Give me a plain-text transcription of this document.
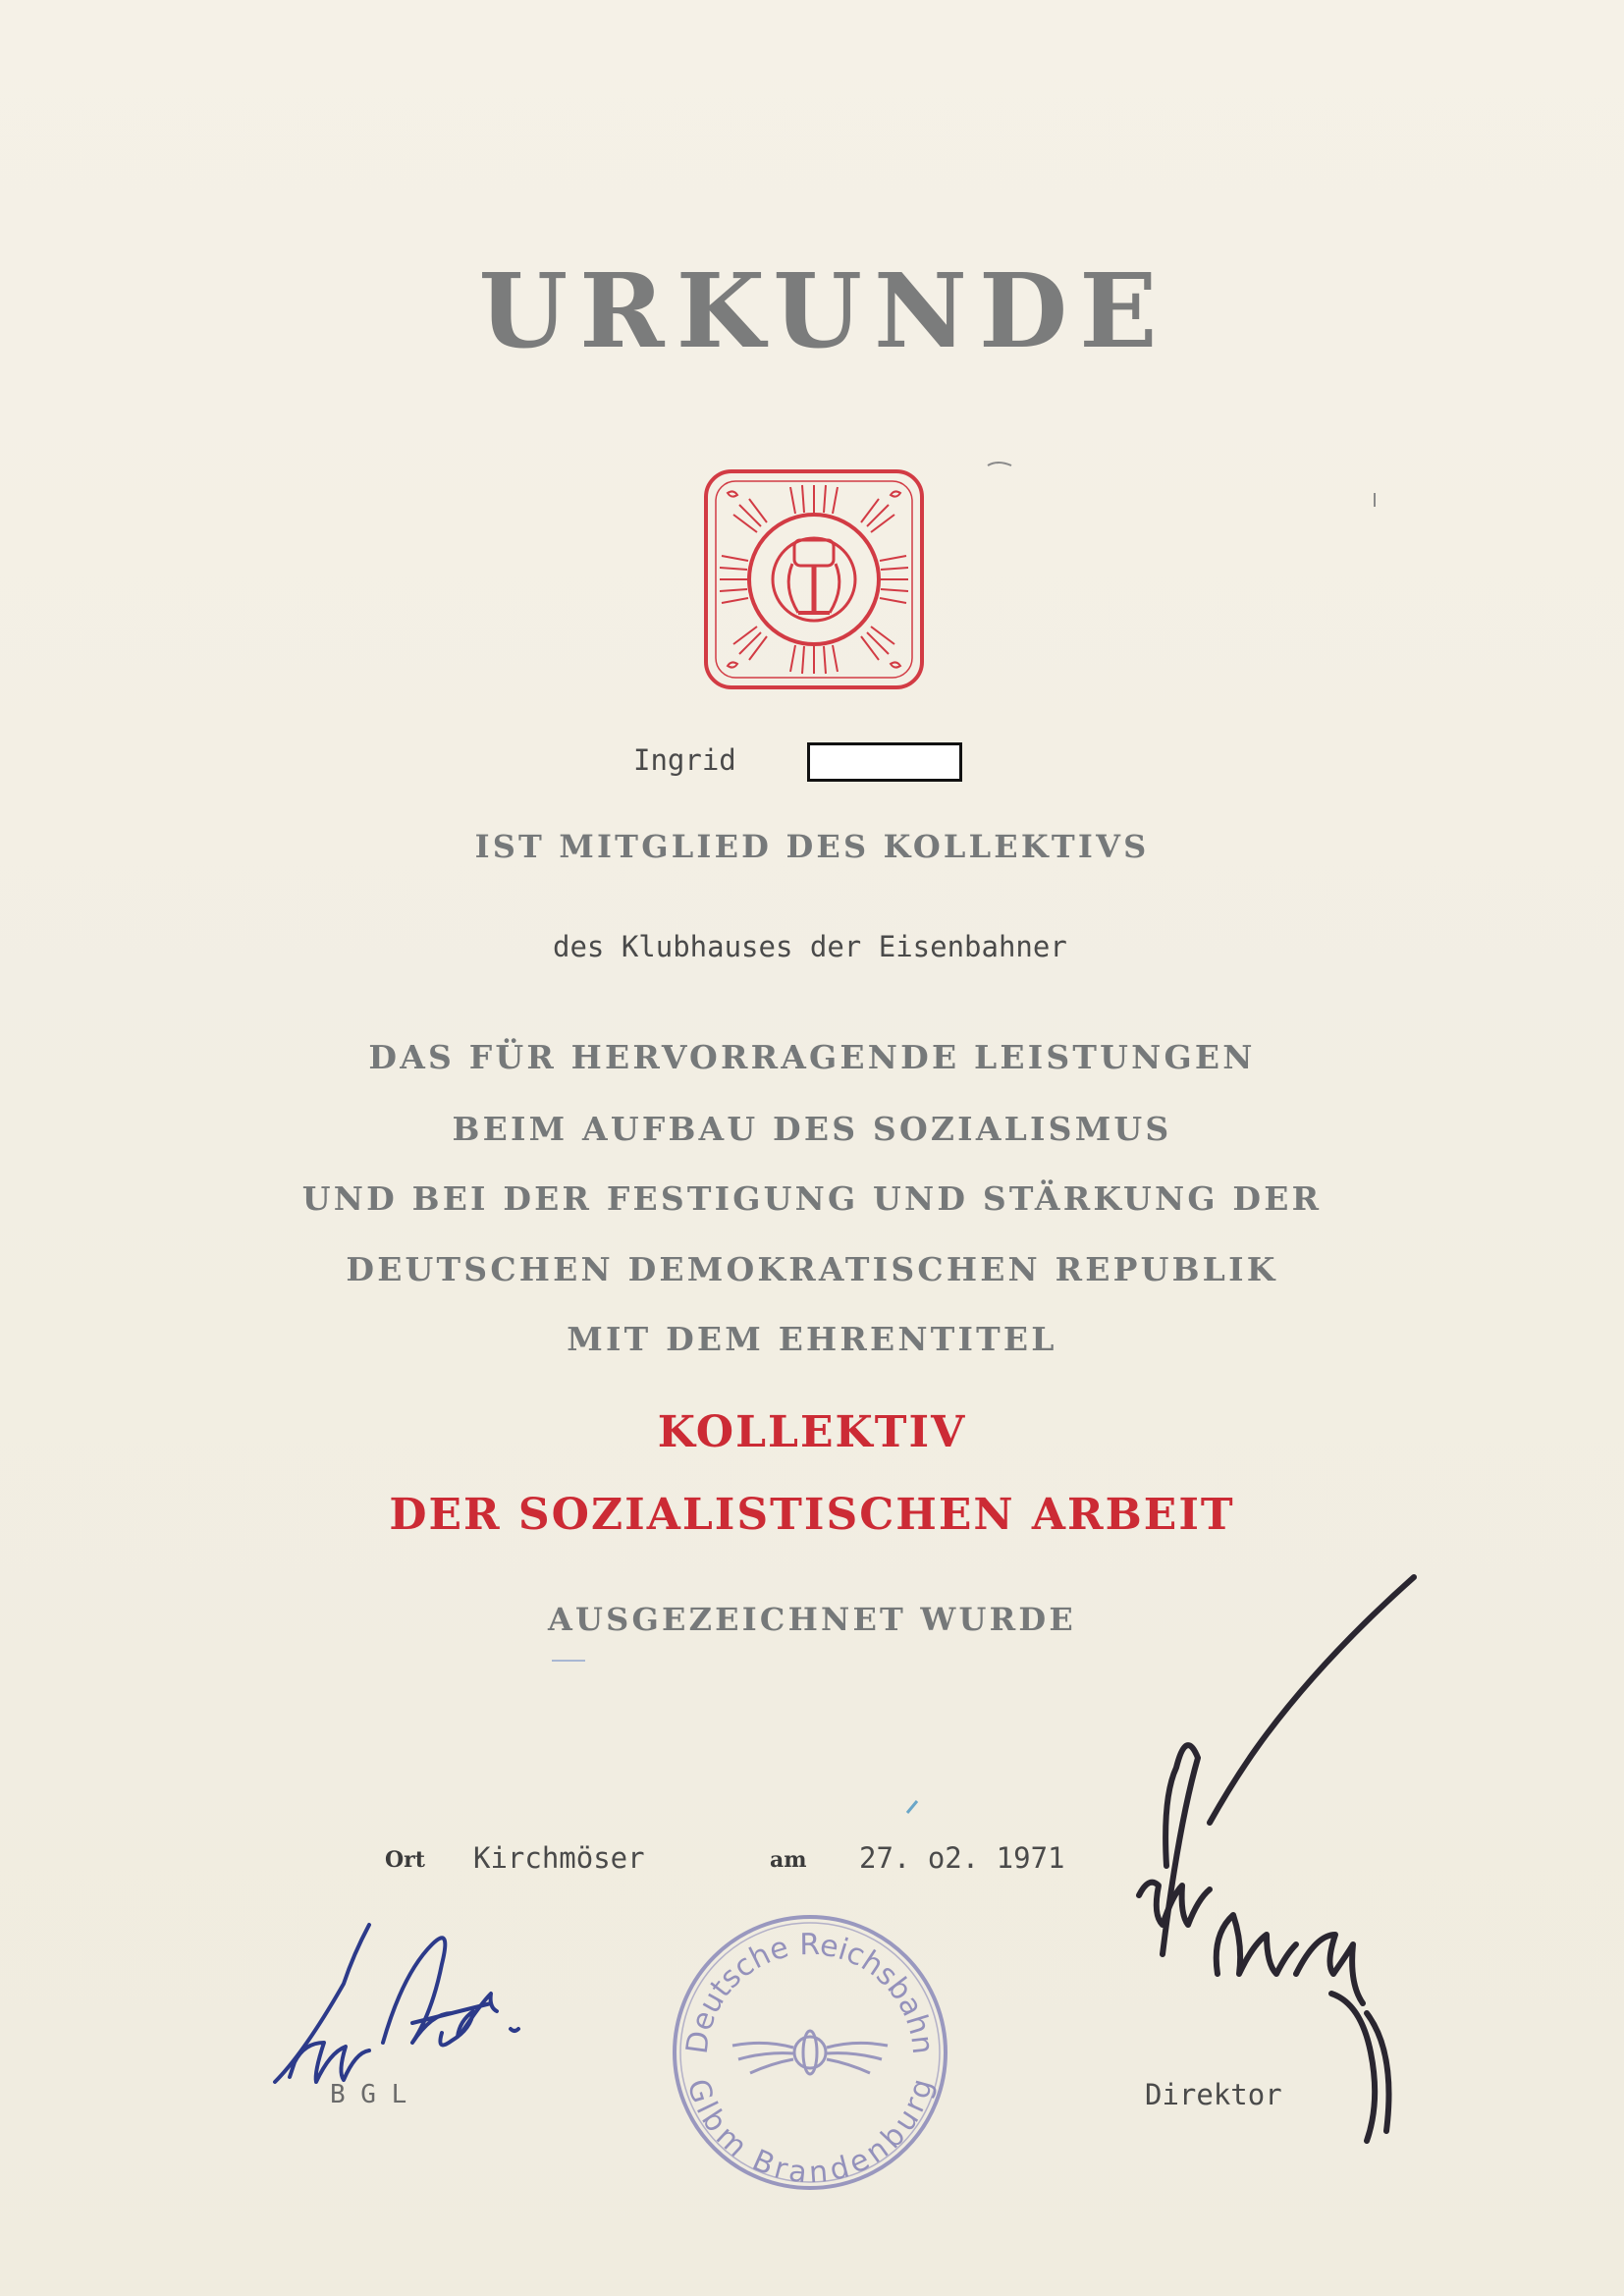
URKUNDE
Ingrid
IST MITGLIED DES KOLLEKTIVS
des Klubhauses der Eisenbahner
DAS FÜR HERVORRAGENDE LEISTUNGEN
BEIM AUFBAU DES SOZIALISMUS
UND BEI DER FESTIGUNG UND STÄRKUNG DER
DEUTSCHEN DEMOKRATISCHEN REPUBLIK
MIT DEM EHRENTITEL
KOLLEKTIV
DER SOZIALISTISCHEN ARBEIT
AUSGEZEICHNET WURDE
Ort Kirchmöser	am 27. o2. 1971
B G L	Direktor
Deutsche Reichsbahn
Glbm Brandenburg
